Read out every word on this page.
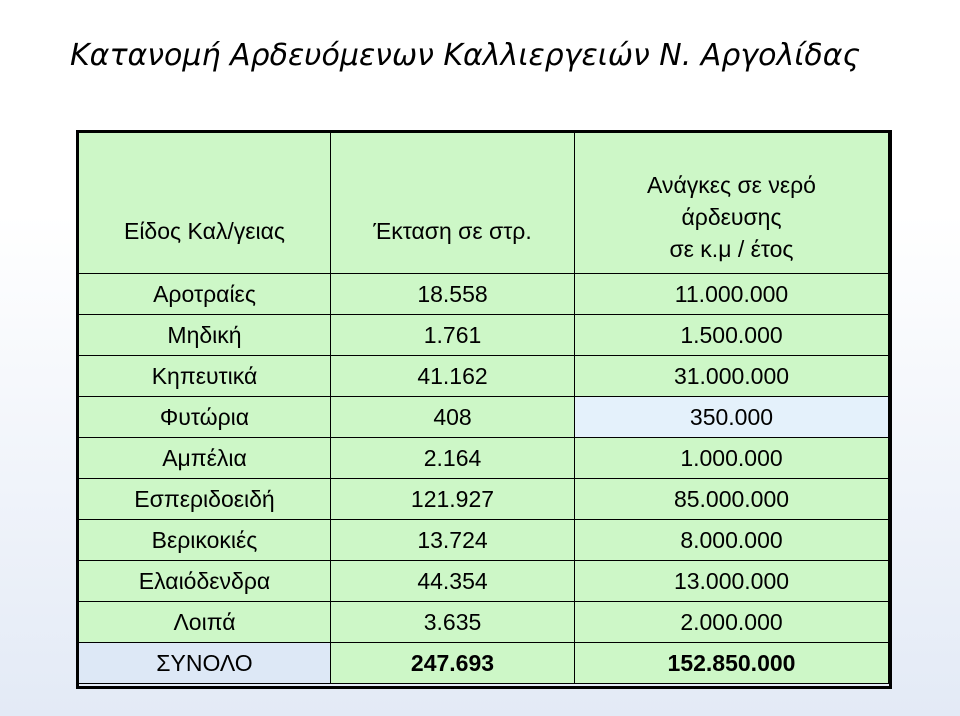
Κατανομή Αρδευόμενων Καλλιεργειών Ν. Αργολίδας
Είδος Καλ/γειας	Έκταση σε στρ.	Ανάγκες σε νερό
άρδευσης
σε κ.μ / έτος

Αροτραίες	18.558	11.000.000
Μηδική	1.761	1.500.000
Κηπευτικά	41.162	31.000.000
Φυτώρια	408	350.000
Αμπέλια	2.164	1.000.000
Εσπεριδοειδή	121.927	85.000.000
Βερικοκιές	13.724	8.000.000
Ελαιόδενδρα	44.354	13.000.000
Λοιπά	3.635	2.000.000
ΣΥΝΟΛΟ	247.693	152.850.000
